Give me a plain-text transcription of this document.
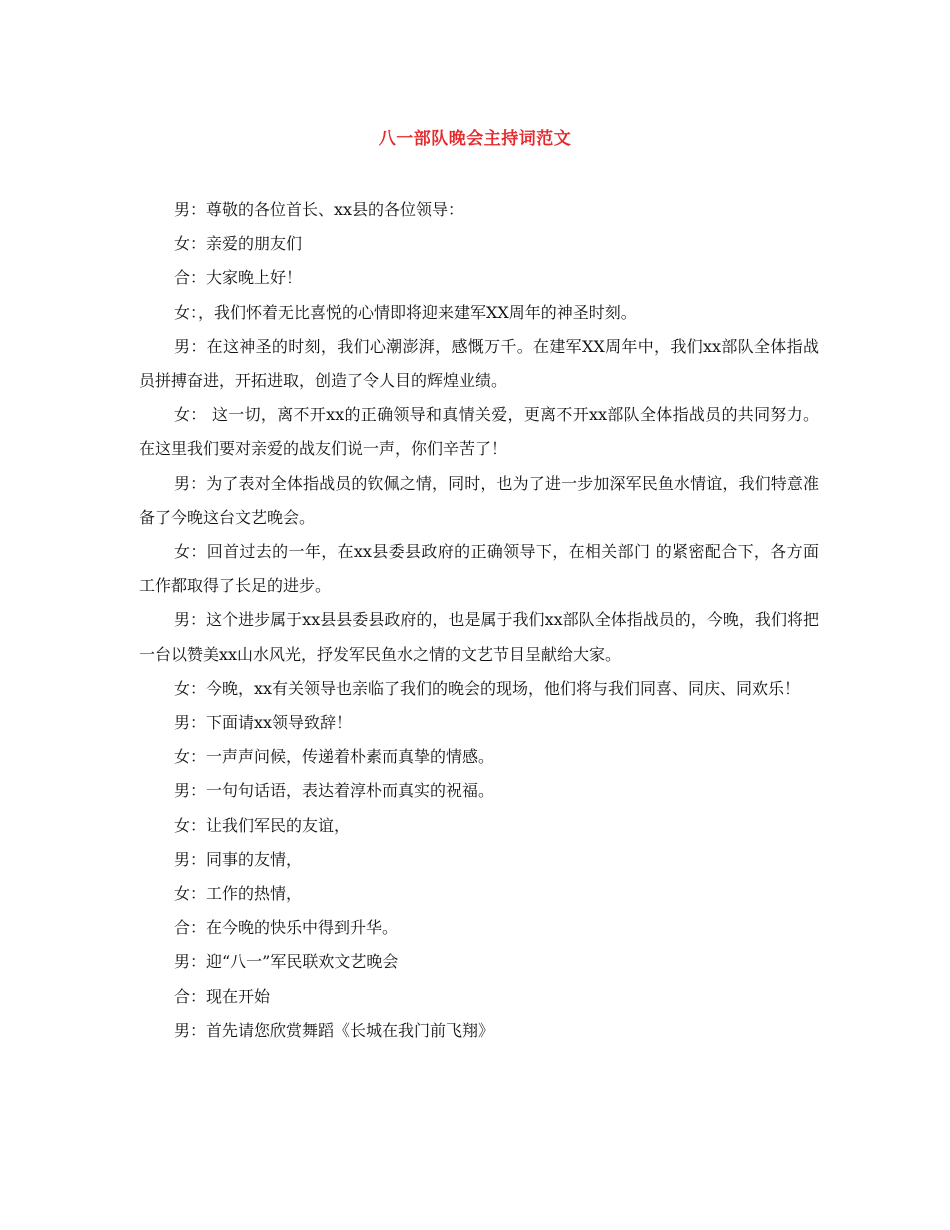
八一部队晚会主持词范文

男：尊敬的各位首长、xx县的各位领导：

女：亲爱的朋友们

合：大家晚上好！

女：，我们怀着无比喜悦的心情即将迎来建军XX周年的神圣时刻。

男：在这神圣的时刻，我们心潮澎湃，感慨万千。在建军XX周年中，我们xx部队全体指战员拼搏奋进，开拓进取，创造了令人目的辉煌业绩。

女： 这一切，离不开xx的正确领导和真情关爱，更离不开xx部队全体指战员的共同努力。在这里我们要对亲爱的战友们说一声，你们辛苦了！

男：为了表对全体指战员的钦佩之情，同时，也为了进一步加深军民鱼水情谊，我们特意准备了今晚这台文艺晚会。

女：回首过去的一年，在xx县委县政府的正确领导下，在相关部门 的紧密配合下，各方面工作都取得了长足的进步。

男：这个进步属于xx县县委县政府的，也是属于我们xx部队全体指战员的，今晚，我们将把一台以赞美xx山水风光，抒发军民鱼水之情的文艺节目呈献给大家。

女：今晚，xx有关领导也亲临了我们的晚会的现场，他们将与我们同喜、同庆、同欢乐！

男：下面请xx领导致辞！

女：一声声问候，传递着朴素而真挚的情感。

男：一句句话语，表达着淳朴而真实的祝福。

女：让我们军民的友谊，

男：同事的友情，

女：工作的热情，

合：在今晚的快乐中得到升华。

男：迎“八一”军民联欢文艺晚会

合：现在开始

男：首先请您欣赏舞蹈《长城在我门前飞翔》
